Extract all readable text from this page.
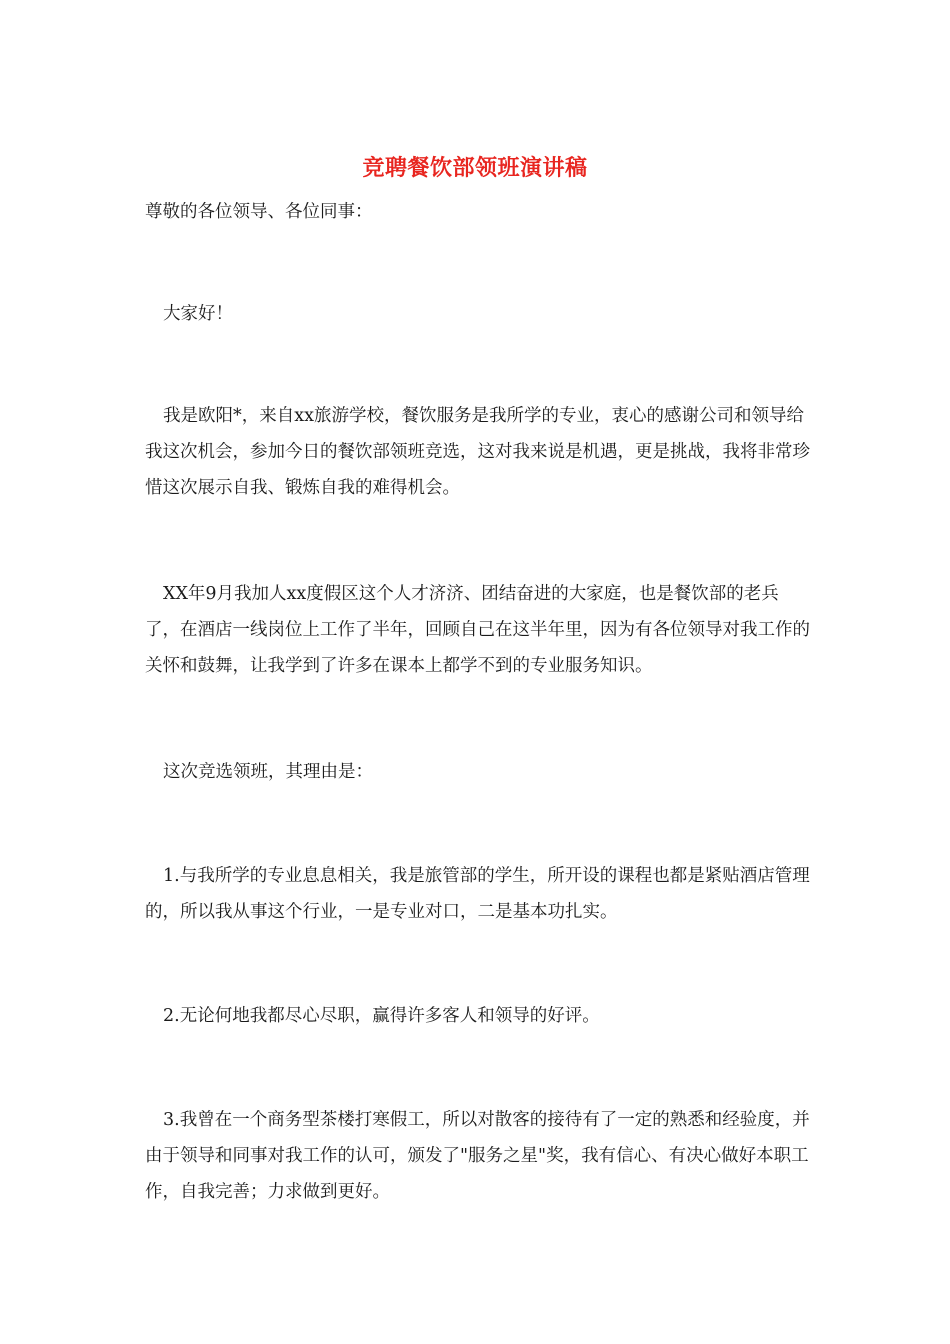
竞聘餐饮部领班演讲稿

尊敬的各位领导、各位同事：

大家好！

我是欧阳*，来自xx旅游学校，餐饮服务是我所学的专业，衷心的感谢公司和领导给我这次机会，参加今日的餐饮部领班竞选，这对我来说是机遇，更是挑战，我将非常珍惜这次展示自我、锻炼自我的难得机会。

XX年9月我加人xx度假区这个人才济济、团结奋进的大家庭，也是餐饮部的老兵了，在酒店一线岗位上工作了半年，回顾自己在这半年里，因为有各位领导对我工作的关怀和鼓舞，让我学到了许多在课本上都学不到的专业服务知识。

这次竞选领班，其理由是：

1.与我所学的专业息息相关，我是旅管部的学生，所开设的课程也都是紧贴酒店管理的，所以我从事这个行业，一是专业对口，二是基本功扎实。

2.无论何地我都尽心尽职，赢得许多客人和领导的好评。

3.我曾在一个商务型茶楼打寒假工，所以对散客的接待有了一定的熟悉和经验度，并由于领导和同事对我工作的认可，颁发了"服务之星"奖，我有信心、有决心做好本职工作，自我完善；力求做到更好。
